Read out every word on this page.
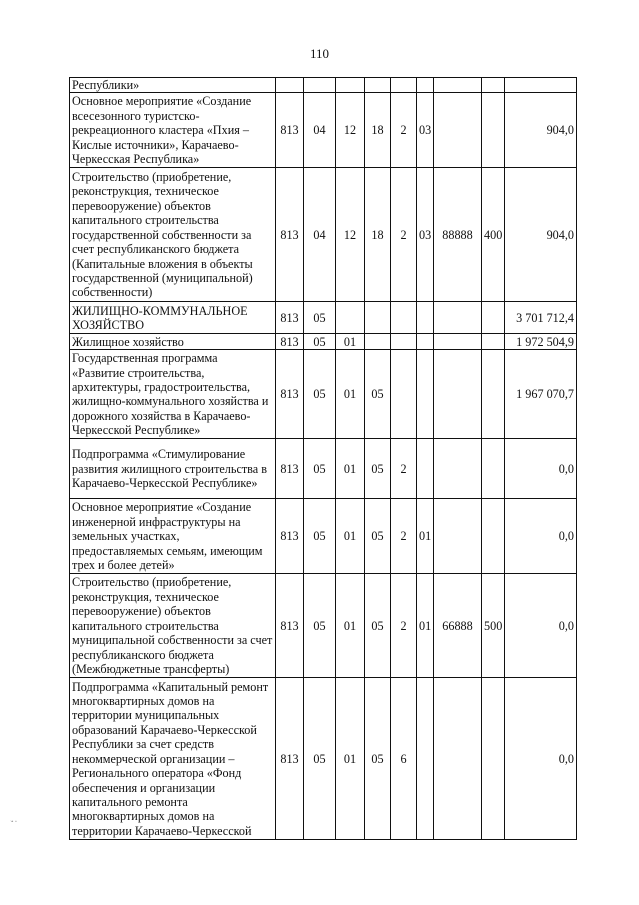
110
Республики»									
Основное мероприятие «Создание всесезонного туристско-рекреационного кластера «Пхия – Кислые источники», Карачаево-Черкесская Республика»	813	04	12	18	2	03			904,0
Строительство (приобретение, реконструкция, техническое перевооружение) объектов капитального строительства государственной собственности за счет республиканского бюджета (Капитальные вложения в объекты государственной (муниципальной) собственности)	813	04	12	18	2	03	88888	400	904,0
ЖИЛИЩНО-КОММУНАЛЬНОЕ ХОЗЯЙСТВО	813	05							3 701 712,4
Жилищное хозяйство	813	05	01						1 972 504,9
Государственная программа «Развитие строительства, архитектуры, градостроительства, жилищно-коммунального хозяйства и дорожного хозяйства в Карачаево-Черкесской Республике»	813	05	01	05					1 967 070,7
Подпрограмма «Стимулирование развития жилищного строительства в Карачаево-Черкесской Республике»	813	05	01	05	2				0,0
Основное мероприятие «Создание инженерной инфраструктуры на земельных участках, предоставляемых семьям, имеющим трех и более детей»	813	05	01	05	2	01			0,0
Строительство (приобретение, реконструкция, техническое перевооружение) объектов капитального строительства муниципальной собственности за счет республиканского бюджета (Межбюджетные трансферты)	813	05	01	05	2	01	66888	500	0,0
Подпрограмма «Капитальный ремонт многоквартирных домов на территории муниципальных образований Карачаево-Черкесской Республики за счет средств некоммерческой организации – Регионального оператора «Фонд обеспечения и организации капитального ремонта многоквартирных домов на территории Карачаево-Черкесской	813	05	01	05	6				0,0
;
